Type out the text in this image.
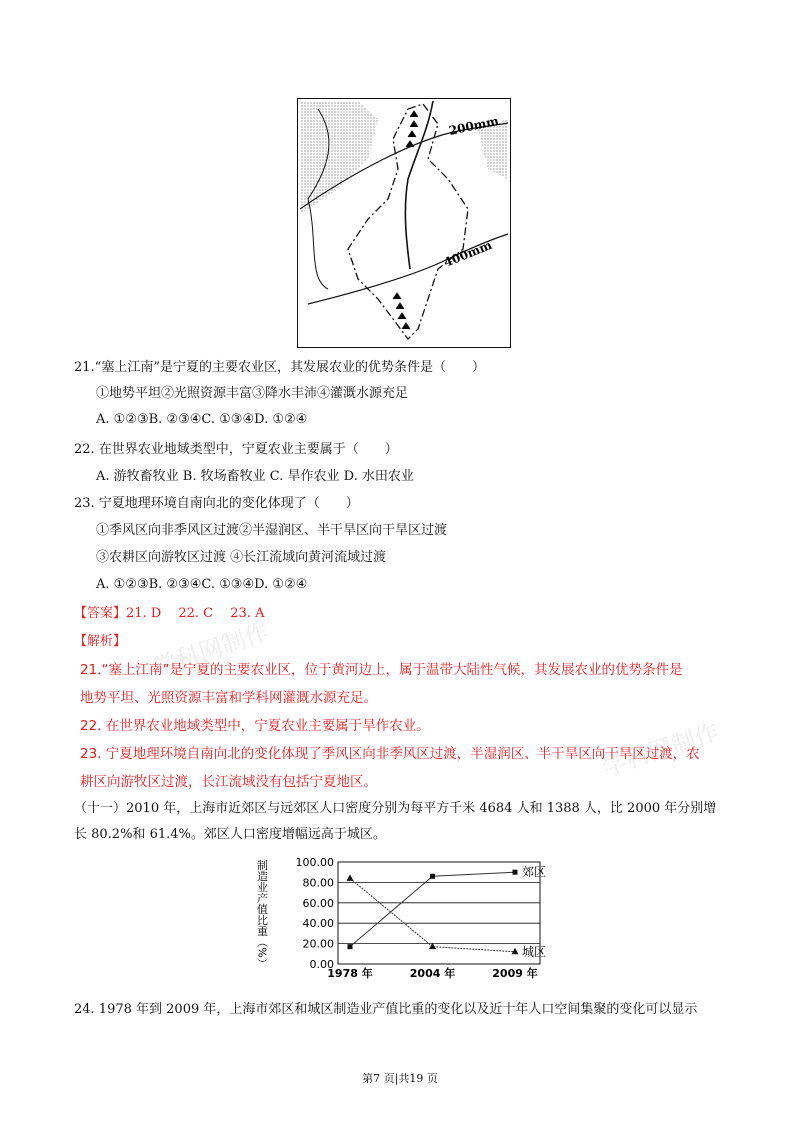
200mm
400mm
21.“塞上江南”是宁夏的主要农业区，其发展农业的优势条件是（　　）
①地势平坦②光照资源丰富③降水丰沛④灌溉水源充足
A. ①②③B. ②③④C. ①③④D. ①②④
22. 在世界农业地域类型中，宁夏农业主要属于（　　）
A. 游牧畜牧业 B. 牧场畜牧业 C. 旱作农业 D. 水田农业
23. 宁夏地理环境自南向北的变化体现了（　　）
①季风区向非季风区过渡②半湿润区、半干旱区向干旱区过渡
③农耕区向游牧区过渡 ④长江流域向黄河流域过渡
A. ①②③B. ②③④C. ①③④D. ①②④
【答案】21. D　 22. C　 23. A
学科网制作
学科网制作
【解析】
21.“塞上江南”是宁夏的主要农业区，位于黄河边上，属于温带大陆性气候，其发展农业的优势条件是
地势平坦、光照资源丰富和学科网灌溉水源充足。
22. 在世界农业地域类型中，宁夏农业主要属于旱作农业。
23. 宁夏地理环境自南向北的变化体现了季风区向非季风区过渡，半湿润区、半干旱区向干旱区过渡，农
耕区向游牧区过渡，长江流域没有包括宁夏地区。
（十一）2010 年，上海市近郊区与远郊区人口密度分别为每平方千米 4684 人和 1388 人，比 2000 年分别增
长 80.2%和 61.4%。郊区人口密度增幅远高于城区。
0.00
20.00
40.00
60.00
80.00
100.00
1978 年	2004 年	2009 年
郊区
城区
制造业产值比重（%）
24. 1978 年到 2009 年，上海市郊区和城区制造业产值比重的变化以及近十年人口空间集聚的变化可以显示
第7 页|共19 页
